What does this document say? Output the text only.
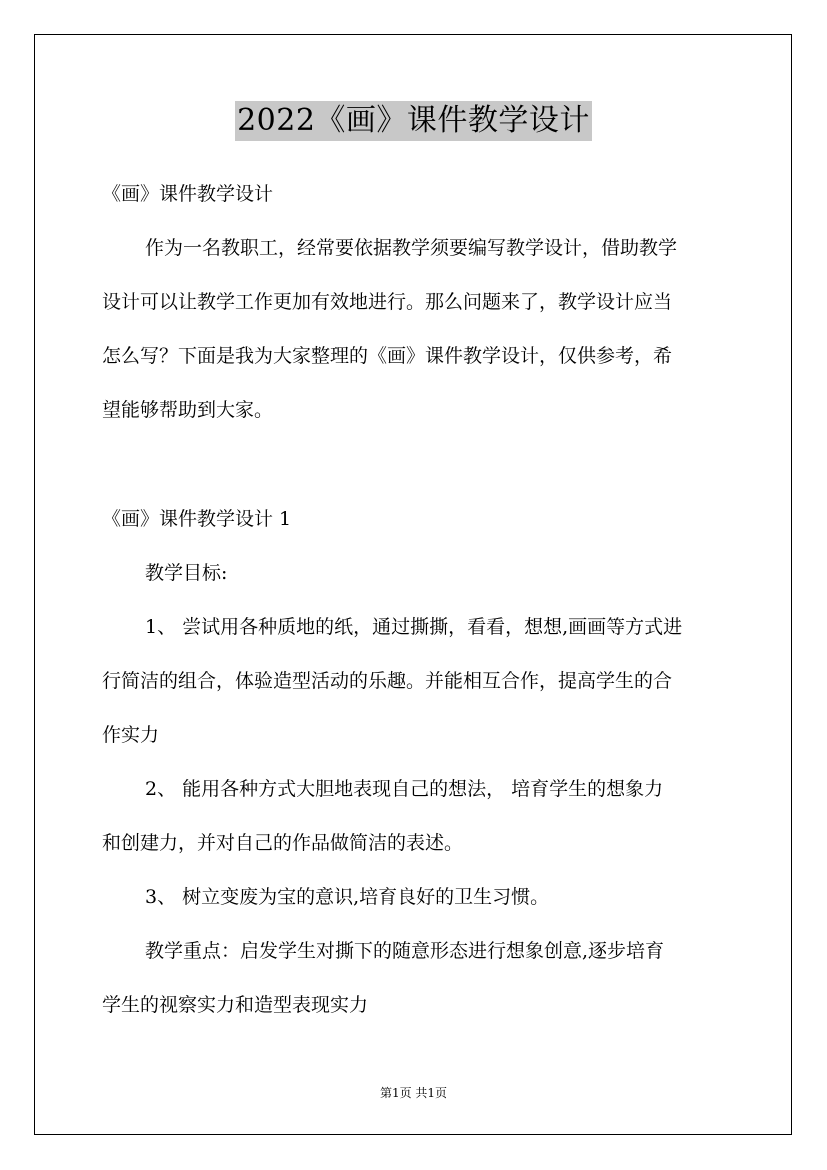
2022《画》课件教学设计
《画》课件教学设计
作为一名教职工，经常要依据教学须要编写教学设计，借助教学
设计可以让教学工作更加有效地进行。那么问题来了，教学设计应当
怎么写？下面是我为大家整理的《画》课件教学设计，仅供参考，希
望能够帮助到大家。
《画》课件教学设计 1
教学目标:
1、 尝试用各种质地的纸，通过撕撕，看看，想想,画画等方式进
行简洁的组合，体验造型活动的乐趣。并能相互合作，提高学生的合
作实力
2、 能用各种方式大胆地表现自己的想法， 培育学生的想象力
和创建力，并对自己的作品做简洁的表述。
3、 树立变废为宝的意识,培育良好的卫生习惯。
教学重点：启发学生对撕下的随意形态进行想象创意,逐步培育
学生的视察实力和造型表现实力
第1页 共1页
